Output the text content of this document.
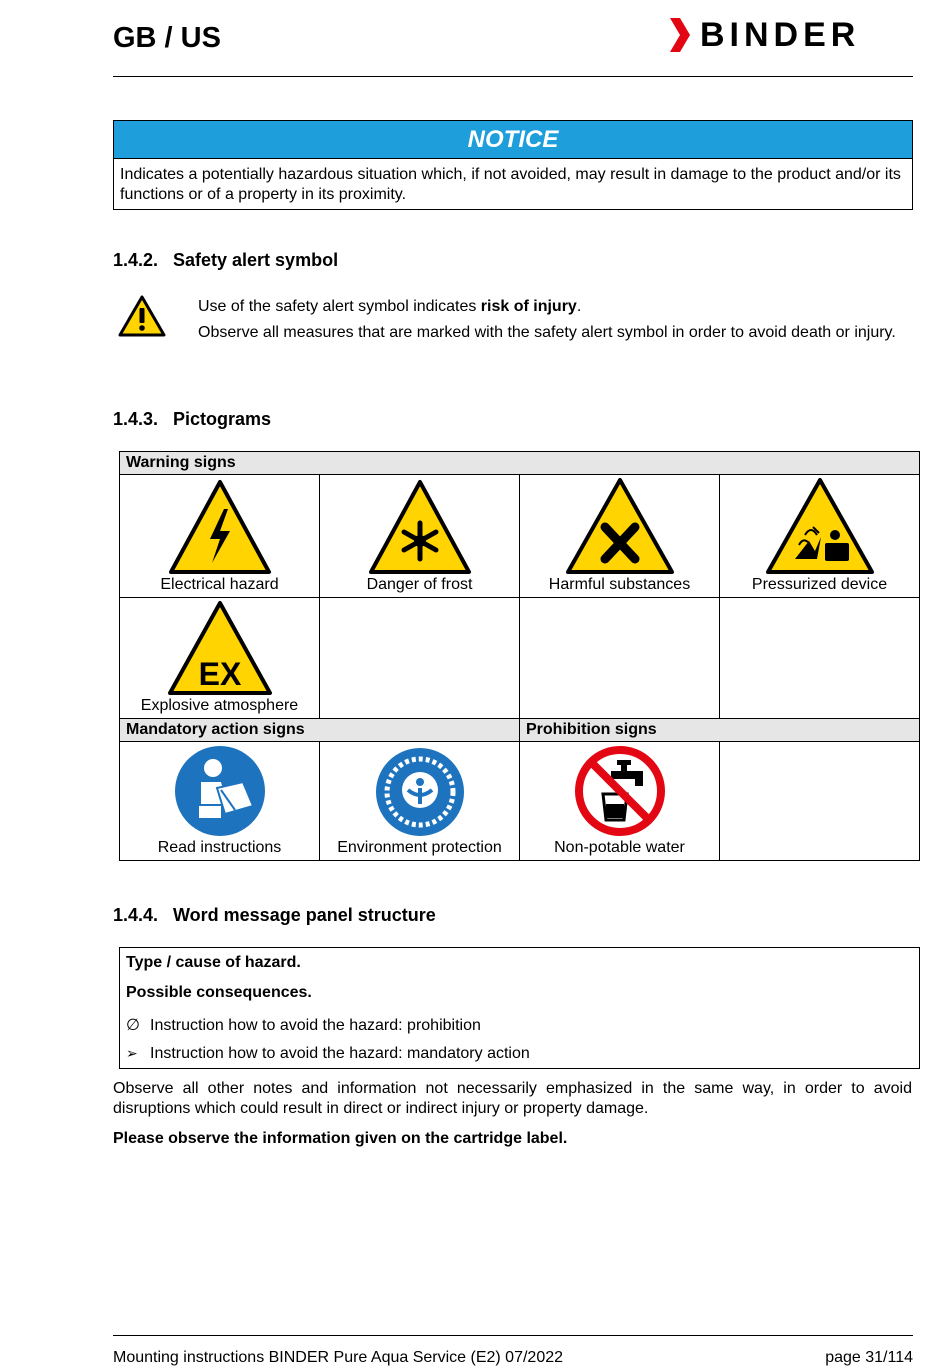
GB / US	BINDER
NOTICE
Indicates a potentially hazardous situation which, if not avoided, may result in damage to the product and/or its functions or of a property in its proximity.
1.4.2. Safety alert symbol
Use of the safety alert symbol indicates risk of injury.
Observe all measures that are marked with the safety alert symbol in order to avoid death or injury.
1.4.3. Pictograms
Warning signs			

Electrical hazard	Danger of frost	Harmful substances	Pressurized device

EX
Explosive atmosphere			

Mandatory action signs		Prohibition signs	

Read instructions	Environment protection	Non-potable water	

1.4.4. Word message panel structure
Type / cause of hazard.
Possible consequences.
∅ Instruction how to avoid the hazard: prohibition
➢ Instruction how to avoid the hazard: mandatory action
Observe all other notes and information not necessarily emphasized in the same way, in order to avoid disruptions which could result in direct or indirect injury or property damage.
Please observe the information given on the cartridge label.
Mounting instructions BINDER Pure Aqua Service (E2) 07/2022	page 31/114
